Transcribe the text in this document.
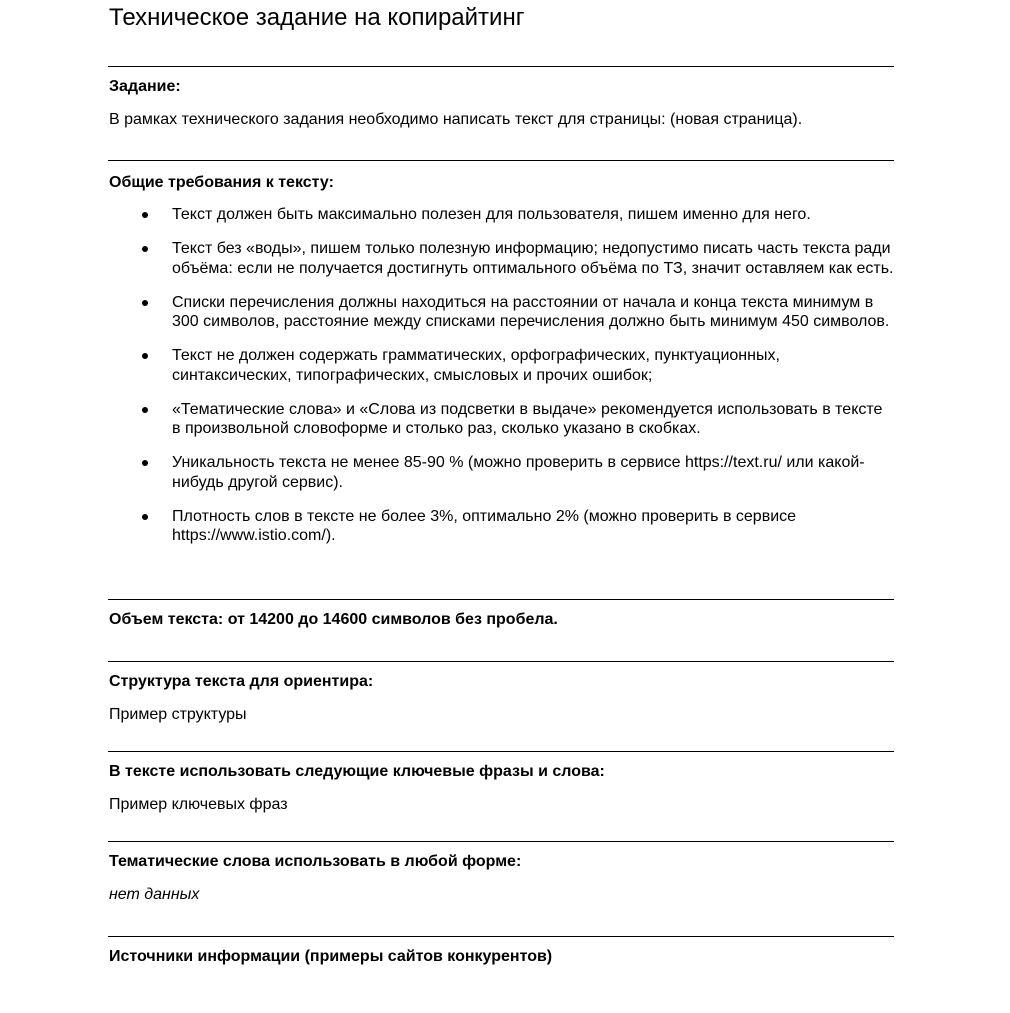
Техническое задание на копирайтинг
Задание:
В рамках технического задания необходимо написать текст для страницы: (новая страница).
Общие требования к тексту:
Текст должен быть максимально полезен для пользователя, пишем именно для него.
Текст без «воды», пишем только полезную информацию; недопустимо писать часть текста ради объёма: если не получается достигнуть оптимального объёма по ТЗ, значит оставляем как есть.
Списки перечисления должны находиться на расстоянии от начала и конца текста минимум в 300 символов, расстояние между списками перечисления должно быть минимум 450 символов.
Текст не должен содержать грамматических, орфографических, пунктуационных, синтаксических, типографических, смысловых и прочих ошибок;
«Тематические слова» и «Слова из подсветки в выдаче» рекомендуется использовать в тексте в произвольной словоформе и столько раз, сколько указано в скобках.
Уникальность текста не менее 85-90 % (можно проверить в сервисе https://text.ru/ или какой-нибудь другой сервис).
Плотность слов в тексте не более 3%, оптимально 2% (можно проверить в сервисе https://www.istio.com/).
Объем текста: от 14200 до 14600 символов без пробела.
Структура текста для ориентира:
Пример структуры
В тексте использовать следующие ключевые фразы и слова:
Пример ключевых фраз
Тематические слова использовать в любой форме:
нет данных
Источники информации (примеры сайтов конкурентов)
